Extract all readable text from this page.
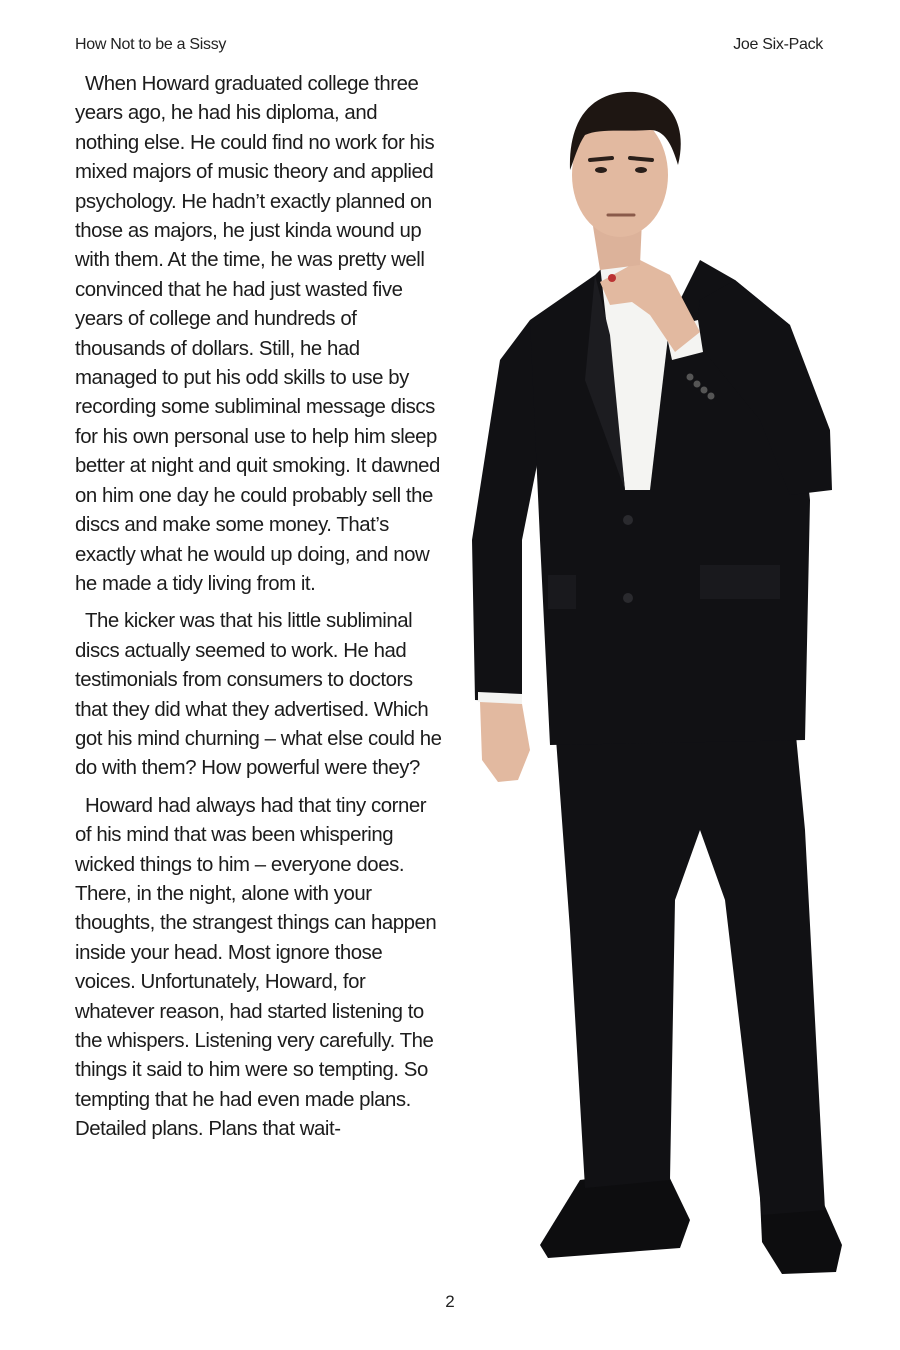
How Not to be a Sissy	Joe Six-Pack

When Howard graduated college three years ago, he had his diploma, and nothing else. He could find no work for his mixed majors of music theory and applied psychology. He hadn’t exactly planned on those as majors, he just kinda wound up with them. At the time, he was pretty well convinced that he had just wasted five years of college and hundreds of thousands of dollars. Still, he had managed to put his odd skills to use by recording some subliminal message discs for his own personal use to help him sleep better at night and quit smoking. It dawned on him one day he could probably sell the discs and make some money. That’s exactly what he would up doing, and now he made a tidy living from it.

The kicker was that his little subliminal discs actually seemed to work. He had testimonials from consumers to doctors that they did what they advertised. Which got his mind churning – what else could he do with them? How powerful were they?

Howard had always had that tiny corner of his mind that was been whispering wicked things to him – everyone does. There, in the night, alone with your thoughts, the strangest things can happen inside your head. Most ignore those voices. Unfortunately, Howard, for whatever reason, had started listening to the whispers. Listening very carefully. The things it said to him were so tempting. So tempting that he had even made plans. Detailed plans. Plans that wait-

2
